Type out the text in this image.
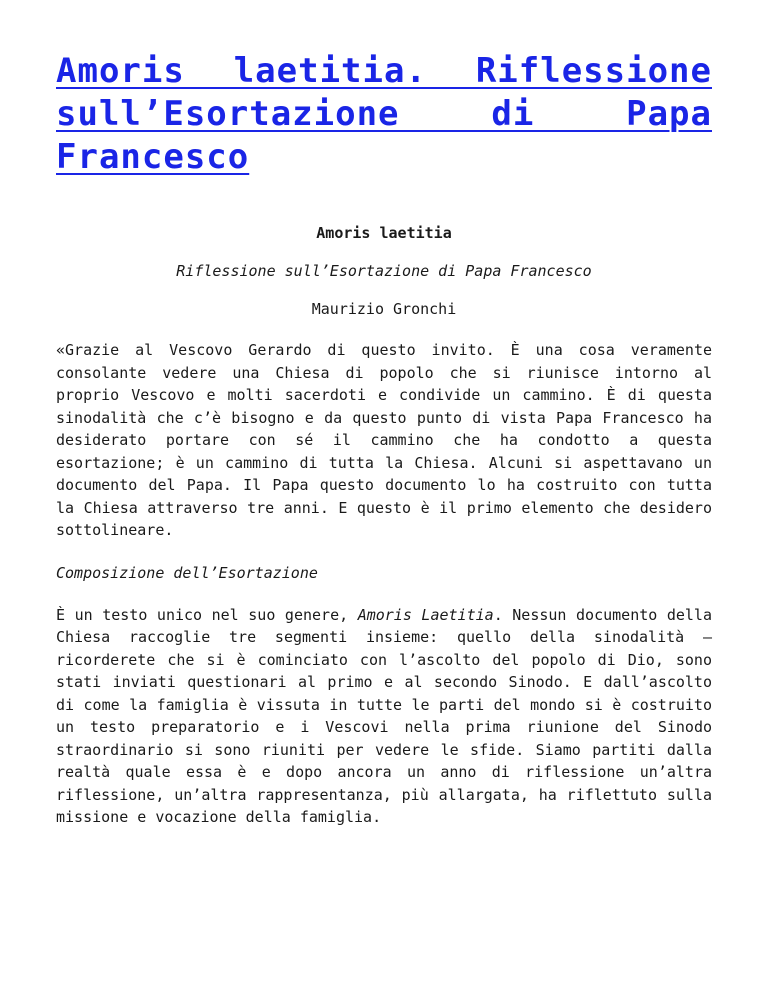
Amoris laetitia. Riflessione sull’Esortazione di Papa Francesco

Amoris laetitia

Riflessione sull’Esortazione di Papa Francesco

Maurizio Gronchi

«Grazie al Vescovo Gerardo di questo invito. È una cosa veramente consolante vedere una Chiesa di popolo che si riunisce intorno al proprio Vescovo e molti sacerdoti e condivide un cammino. È di questa sinodalità che c’è bisogno e da questo punto di vista Papa Francesco ha desiderato portare con sé il cammino che ha condotto a questa esortazione; è un cammino di tutta la Chiesa. Alcuni si aspettavano un documento del Papa. Il Papa questo documento lo ha costruito con tutta la Chiesa attraverso tre anni. E questo è il primo elemento che desidero sottolineare.

Composizione dell’Esortazione

È un testo unico nel suo genere, Amoris Laetitia. Nessun documento della Chiesa raccoglie tre segmenti insieme: quello della sinodalità – ricorderete che si è cominciato con l’ascolto del popolo di Dio, sono stati inviati questionari al primo e al secondo Sinodo. E dall’ascolto di come la famiglia è vissuta in tutte le parti del mondo si è costruito un testo preparatorio e i Vescovi nella prima riunione del Sinodo straordinario si sono riuniti per vedere le sfide. Siamo partiti dalla realtà quale essa è e dopo ancora un anno di riflessione un’altra riflessione, un’altra rappresentanza, più allargata, ha riflettuto sulla missione e vocazione della famiglia.
